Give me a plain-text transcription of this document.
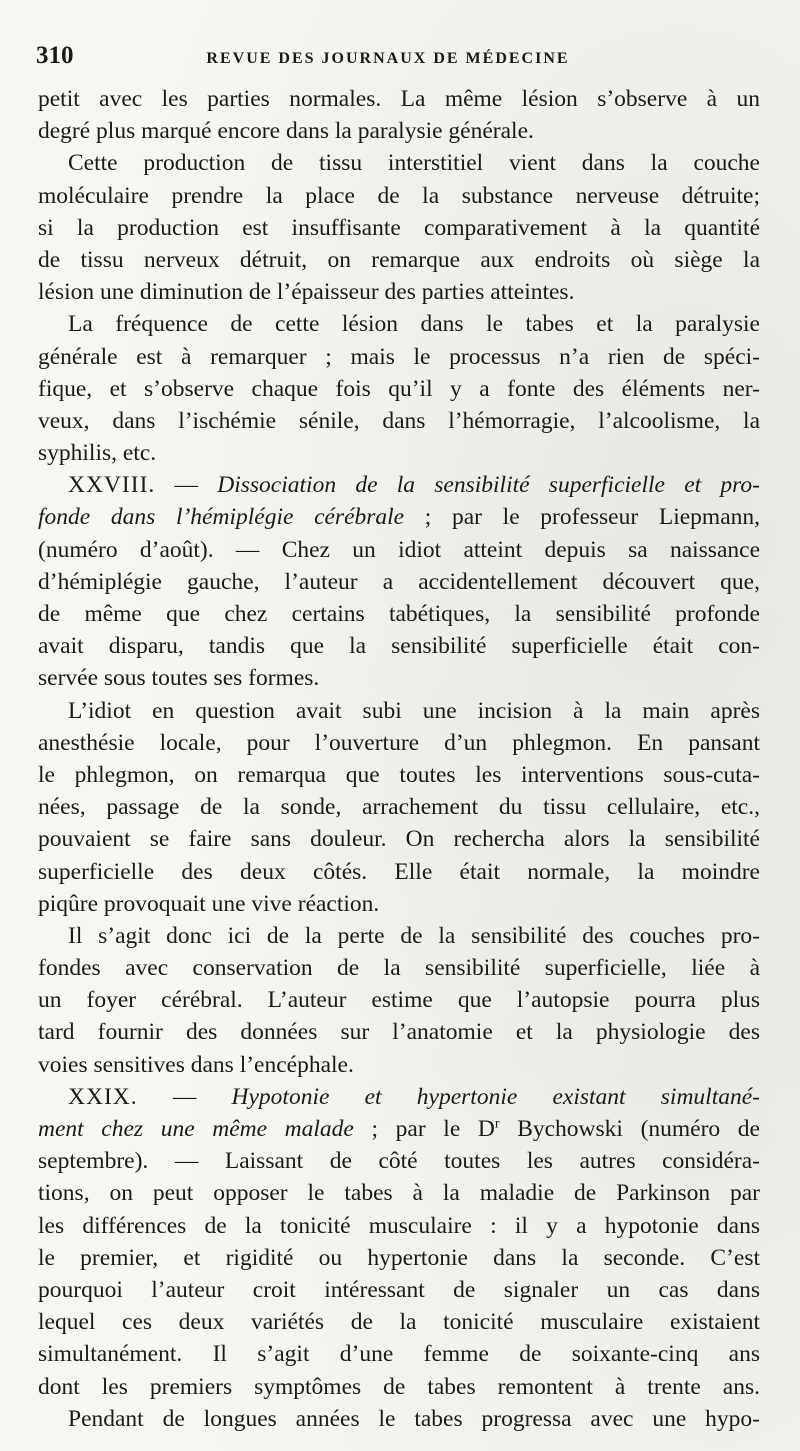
310	REVUE DES JOURNAUX DE MÉDECINE
petit avec les parties normales. La même lésion s’observe à un
degré plus marqué encore dans la paralysie générale.
Cette production de tissu interstitiel vient dans la couche
moléculaire prendre la place de la substance nerveuse détruite;
si la production est insuffisante comparativement à la quantité
de tissu nerveux détruit, on remarque aux endroits où siège la
lésion une diminution de l’épaisseur des parties atteintes.
La fréquence de cette lésion dans le tabes et la paralysie
générale est à remarquer ; mais le processus n’a rien de spéci-
fique, et s’observe chaque fois qu’il y a fonte des éléments ner-
veux, dans l’ischémie sénile, dans l’hémorragie, l’alcoolisme, la
syphilis, etc.
XXVIII. — Dissociation de la sensibilité superficielle et pro-
fonde dans l’hémiplégie cérébrale ; par le professeur Liepmann,
(numéro d’août). — Chez un idiot atteint depuis sa naissance
d’hémiplégie gauche, l’auteur a accidentellement découvert que,
de même que chez certains tabétiques, la sensibilité profonde
avait disparu, tandis que la sensibilité superficielle était con-
servée sous toutes ses formes.
L’idiot en question avait subi une incision à la main après
anesthésie locale, pour l’ouverture d’un phlegmon. En pansant
le phlegmon, on remarqua que toutes les interventions sous-cuta-
nées, passage de la sonde, arrachement du tissu cellulaire, etc.,
pouvaient se faire sans douleur. On rechercha alors la sensibilité
superficielle des deux côtés. Elle était normale, la moindre
piqûre provoquait une vive réaction.
Il s’agit donc ici de la perte de la sensibilité des couches pro-
fondes avec conservation de la sensibilité superficielle, liée à
un foyer cérébral. L’auteur estime que l’autopsie pourra plus
tard fournir des données sur l’anatomie et la physiologie des
voies sensitives dans l’encéphale.
XXIX. — Hypotonie et hypertonie existant simultané-
ment chez une même malade ; par le $D^r$ Bychowski (numéro de
septembre). — Laissant de côté toutes les autres considéra-
tions, on peut opposer le tabes à la maladie de Parkinson par
les différences de la tonicité musculaire : il y a hypotonie dans
le premier, et rigidité ou hypertonie dans la seconde. C’est
pourquoi l’auteur croit intéressant de signaler un cas dans
lequel ces deux variétés de la tonicité musculaire existaient
simultanément. Il s’agit d’une femme de soixante-cinq ans
dont les premiers symptômes de tabes remontent à trente ans.
Pendant de longues années le tabes progressa avec une hypo-
